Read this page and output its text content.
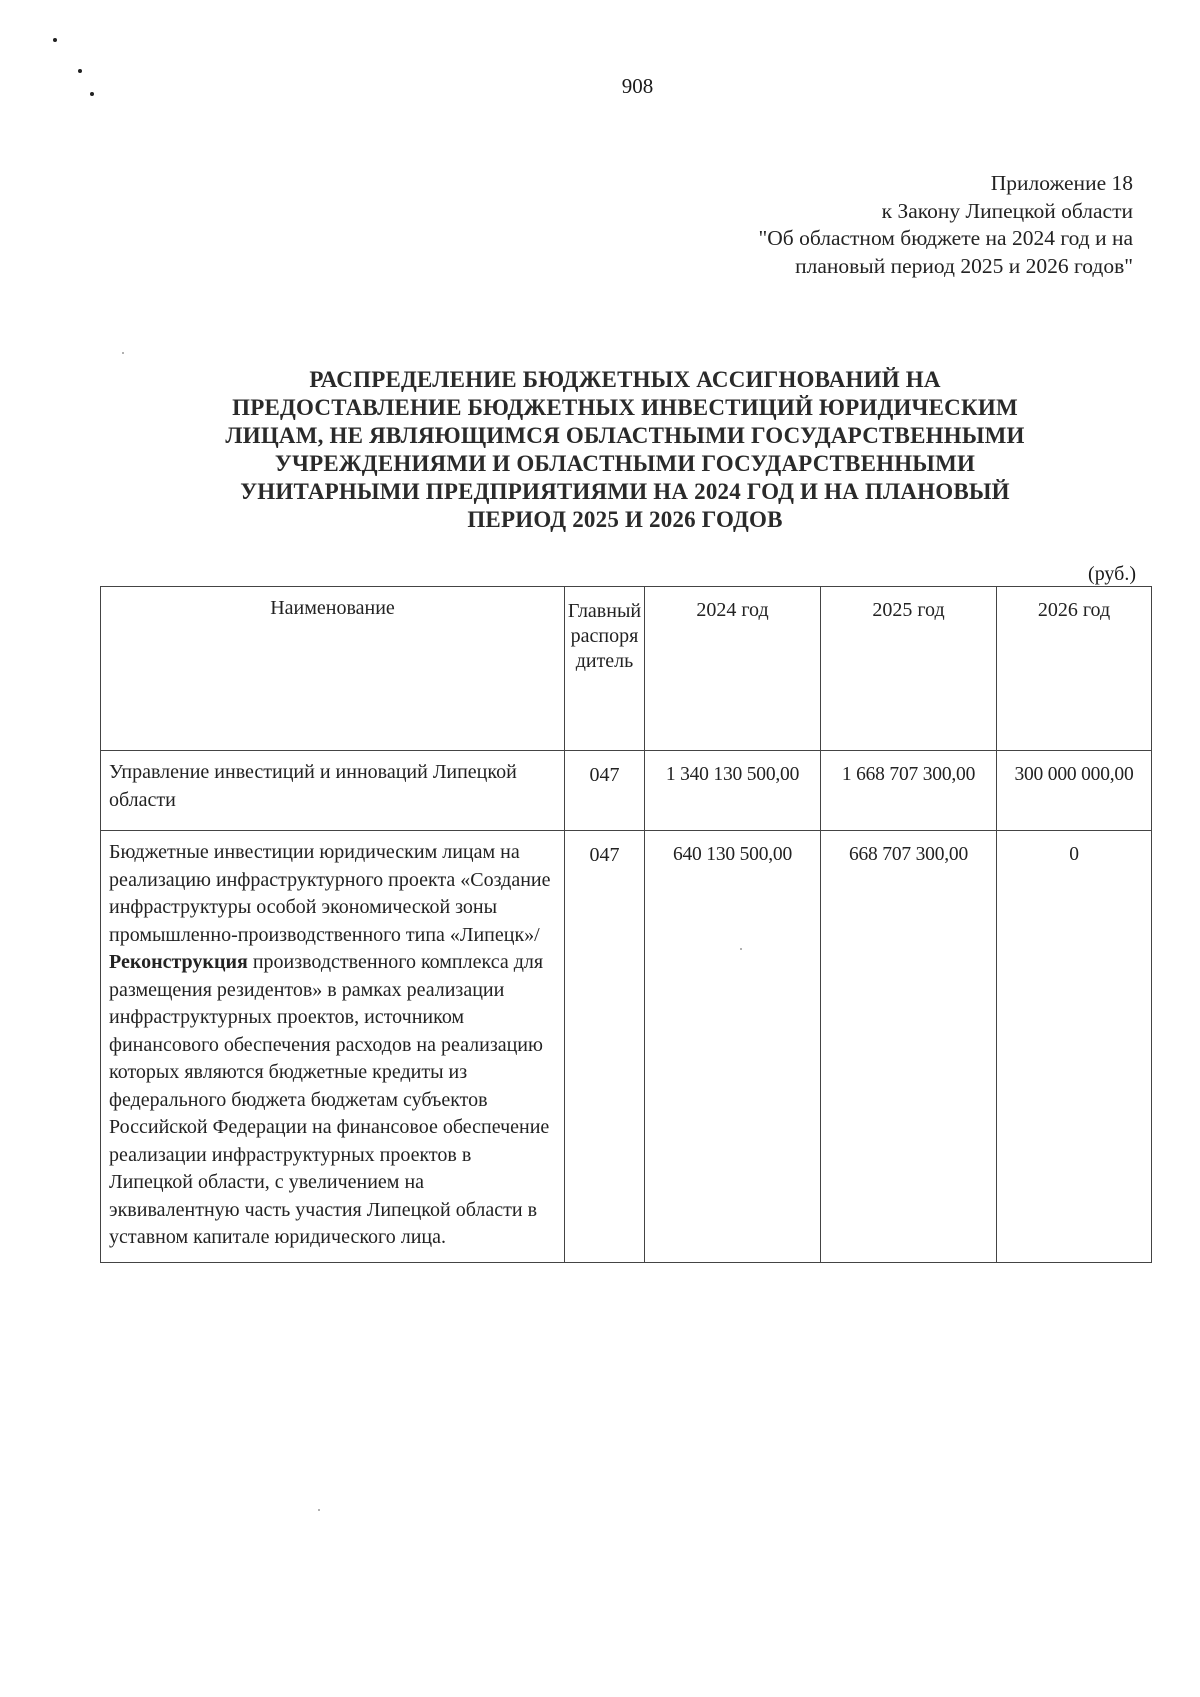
908
Приложение 18
к Закону Липецкой области
"Об областном бюджете на 2024 год и на
плановый период 2025 и 2026 годов"
РАСПРЕДЕЛЕНИЕ БЮДЖЕТНЫХ АССИГНОВАНИЙ НА
ПРЕДОСТАВЛЕНИЕ БЮДЖЕТНЫХ ИНВЕСТИЦИЙ ЮРИДИЧЕСКИМ
ЛИЦАМ, НЕ ЯВЛЯЮЩИМСЯ ОБЛАСТНЫМИ ГОСУДАРСТВЕННЫМИ
УЧРЕЖДЕНИЯМИ И ОБЛАСТНЫМИ ГОСУДАРСТВЕННЫМИ
УНИТАРНЫМИ ПРЕДПРИЯТИЯМИ НА 2024 ГОД И НА ПЛАНОВЫЙ
ПЕРИОД 2025 И 2026 ГОДОВ
(руб.)
Наименование	Главный распорядитель	2024 год	2025 год	2026 год
Управление инвестиций и инноваций Липецкой области	047	1 340 130 500,00	1 668 707 300,00	300 000 000,00
Бюджетные инвестиции юридическим лицам на реализацию инфраструктурного проекта «Создание инфраструктуры особой экономической зоны промышленно-производственного типа «Липецк»/Реконструкция производственного комплекса для размещения резидентов» в рамках реализации инфраструктурных проектов, источником финансового обеспечения расходов на реализацию которых являются бюджетные кредиты из федерального бюджета бюджетам субъектов Российской Федерации на финансовое обеспечение реализации инфраструктурных проектов в Липецкой области, с увеличением на эквивалентную часть участия Липецкой области в уставном капитале юридического лица.	047	640 130 500,00	668 707 300,00	0
